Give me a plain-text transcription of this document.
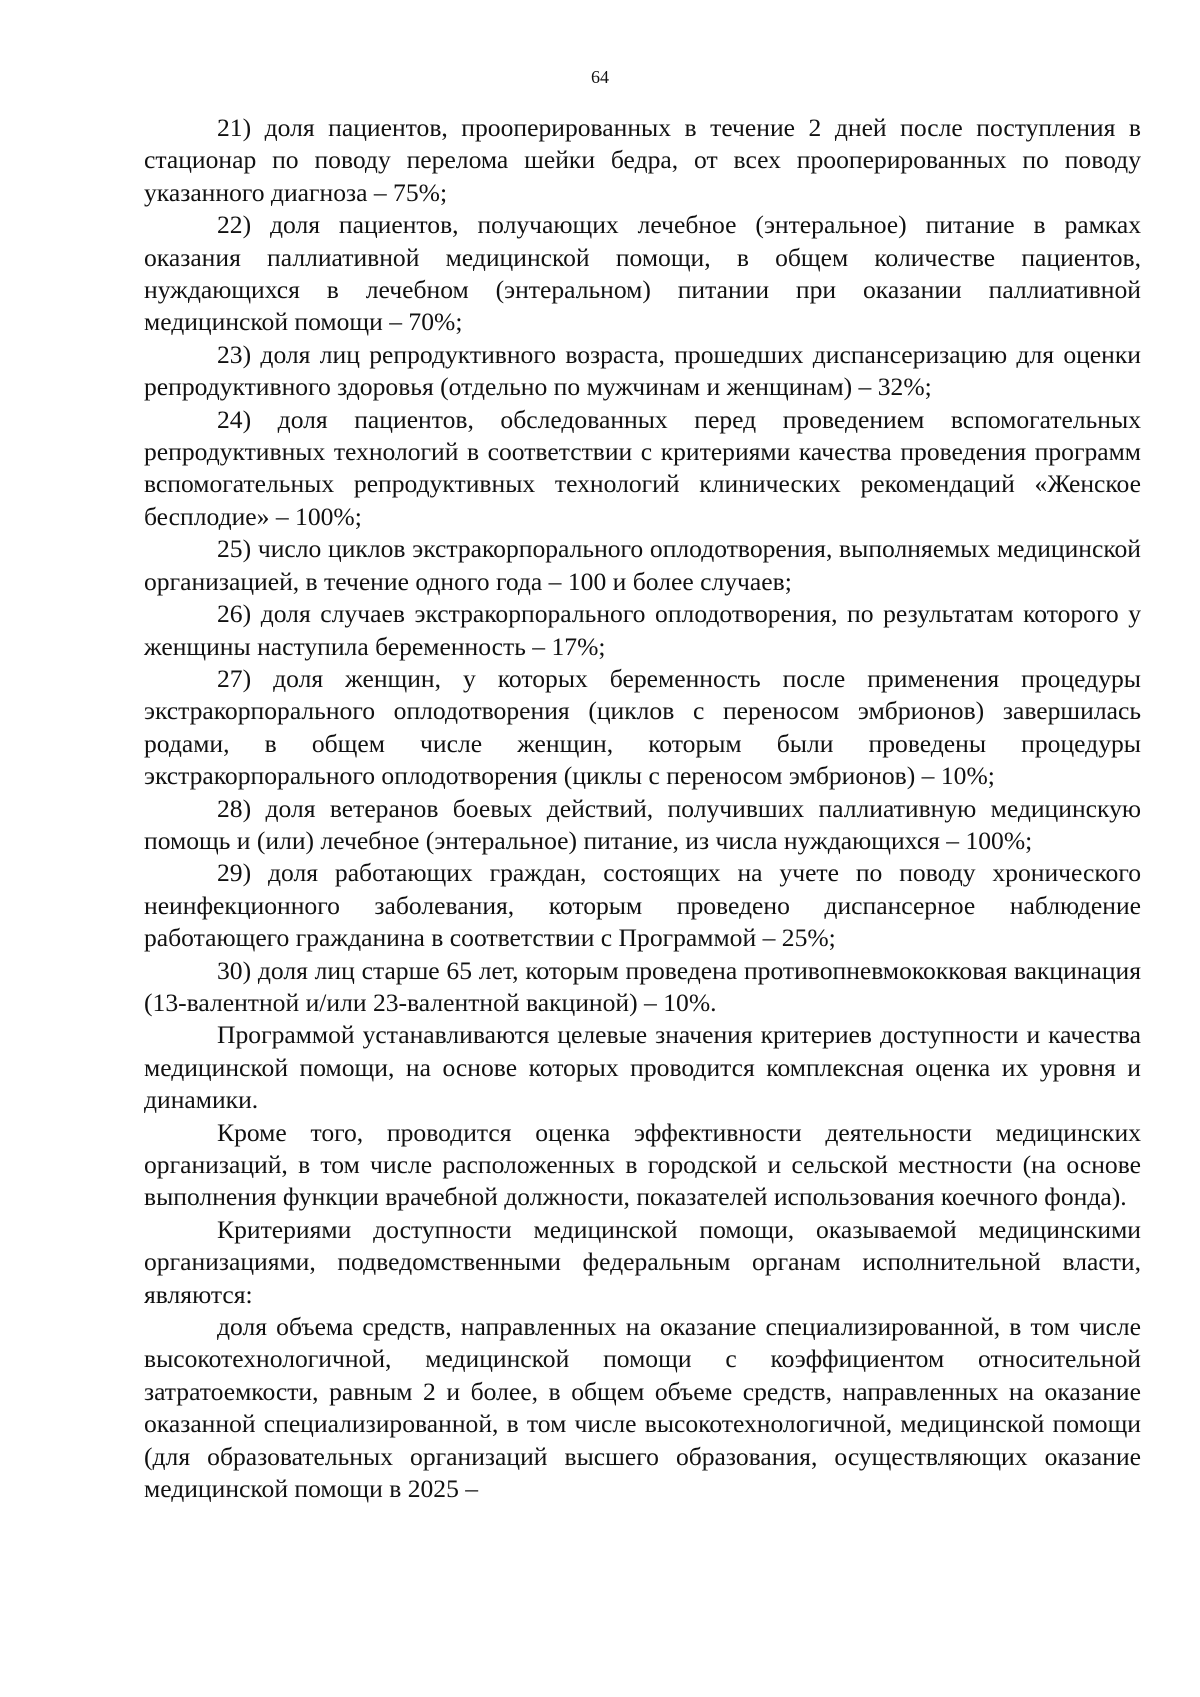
64

21) доля пациентов, прооперированных в течение 2 дней после поступления в стационар по поводу перелома шейки бедра, от всех прооперированных по поводу указанного диагноза – 75%;

22) доля пациентов, получающих лечебное (энтеральное) питание в рамках оказания паллиативной медицинской помощи, в общем количестве пациентов, нуждающихся в лечебном (энтеральном) питании при оказании паллиативной медицинской помощи – 70%;

23) доля лиц репродуктивного возраста, прошедших диспансеризацию для оценки репродуктивного здоровья (отдельно по мужчинам и женщинам) – 32%;

24) доля пациентов, обследованных перед проведением вспомогательных репродуктивных технологий в соответствии с критериями качества проведения программ вспомогательных репродуктивных технологий клинических рекомендаций «Женское бесплодие» – 100%;

25) число циклов экстракорпорального оплодотворения, выполняемых медицинской организацией, в течение одного года – 100 и более случаев;

26) доля случаев экстракорпорального оплодотворения, по результатам которого у женщины наступила беременность – 17%;

27) доля женщин, у которых беременность после применения процедуры экстракорпорального оплодотворения (циклов с переносом эмбрионов) завершилась родами, в общем числе женщин, которым были проведены процедуры экстракорпорального оплодотворения (циклы с переносом эмбрионов) – 10%;

28) доля ветеранов боевых действий, получивших паллиативную медицинскую помощь и (или) лечебное (энтеральное) питание, из числа нуждающихся – 100%;

29) доля работающих граждан, состоящих на учете по поводу хронического неинфекционного заболевания, которым проведено диспансерное наблюдение работающего гражданина в соответствии с Программой – 25%;

30) доля лиц старше 65 лет, которым проведена противопневмококковая вакцинация (13-валентной и/или 23-валентной вакциной) – 10%.

Программой устанавливаются целевые значения критериев доступности и качества медицинской помощи, на основе которых проводится комплексная оценка их уровня и динамики.

Кроме того, проводится оценка эффективности деятельности медицинских организаций, в том числе расположенных в городской и сельской местности (на основе выполнения функции врачебной должности, показателей использования коечного фонда).

Критериями доступности медицинской помощи, оказываемой медицинскими организациями, подведомственными федеральным органам исполнительной власти, являются:

доля объема средств, направленных на оказание специализированной, в том числе высокотехнологичной, медицинской помощи с коэффициентом относительной затратоемкости, равным 2 и более, в общем объеме средств, направленных на оказание оказанной специализированной, в том числе высокотехнологичной, медицинской помощи (для образовательных организаций высшего образования, осуществляющих оказание медицинской помощи в 2025 –
